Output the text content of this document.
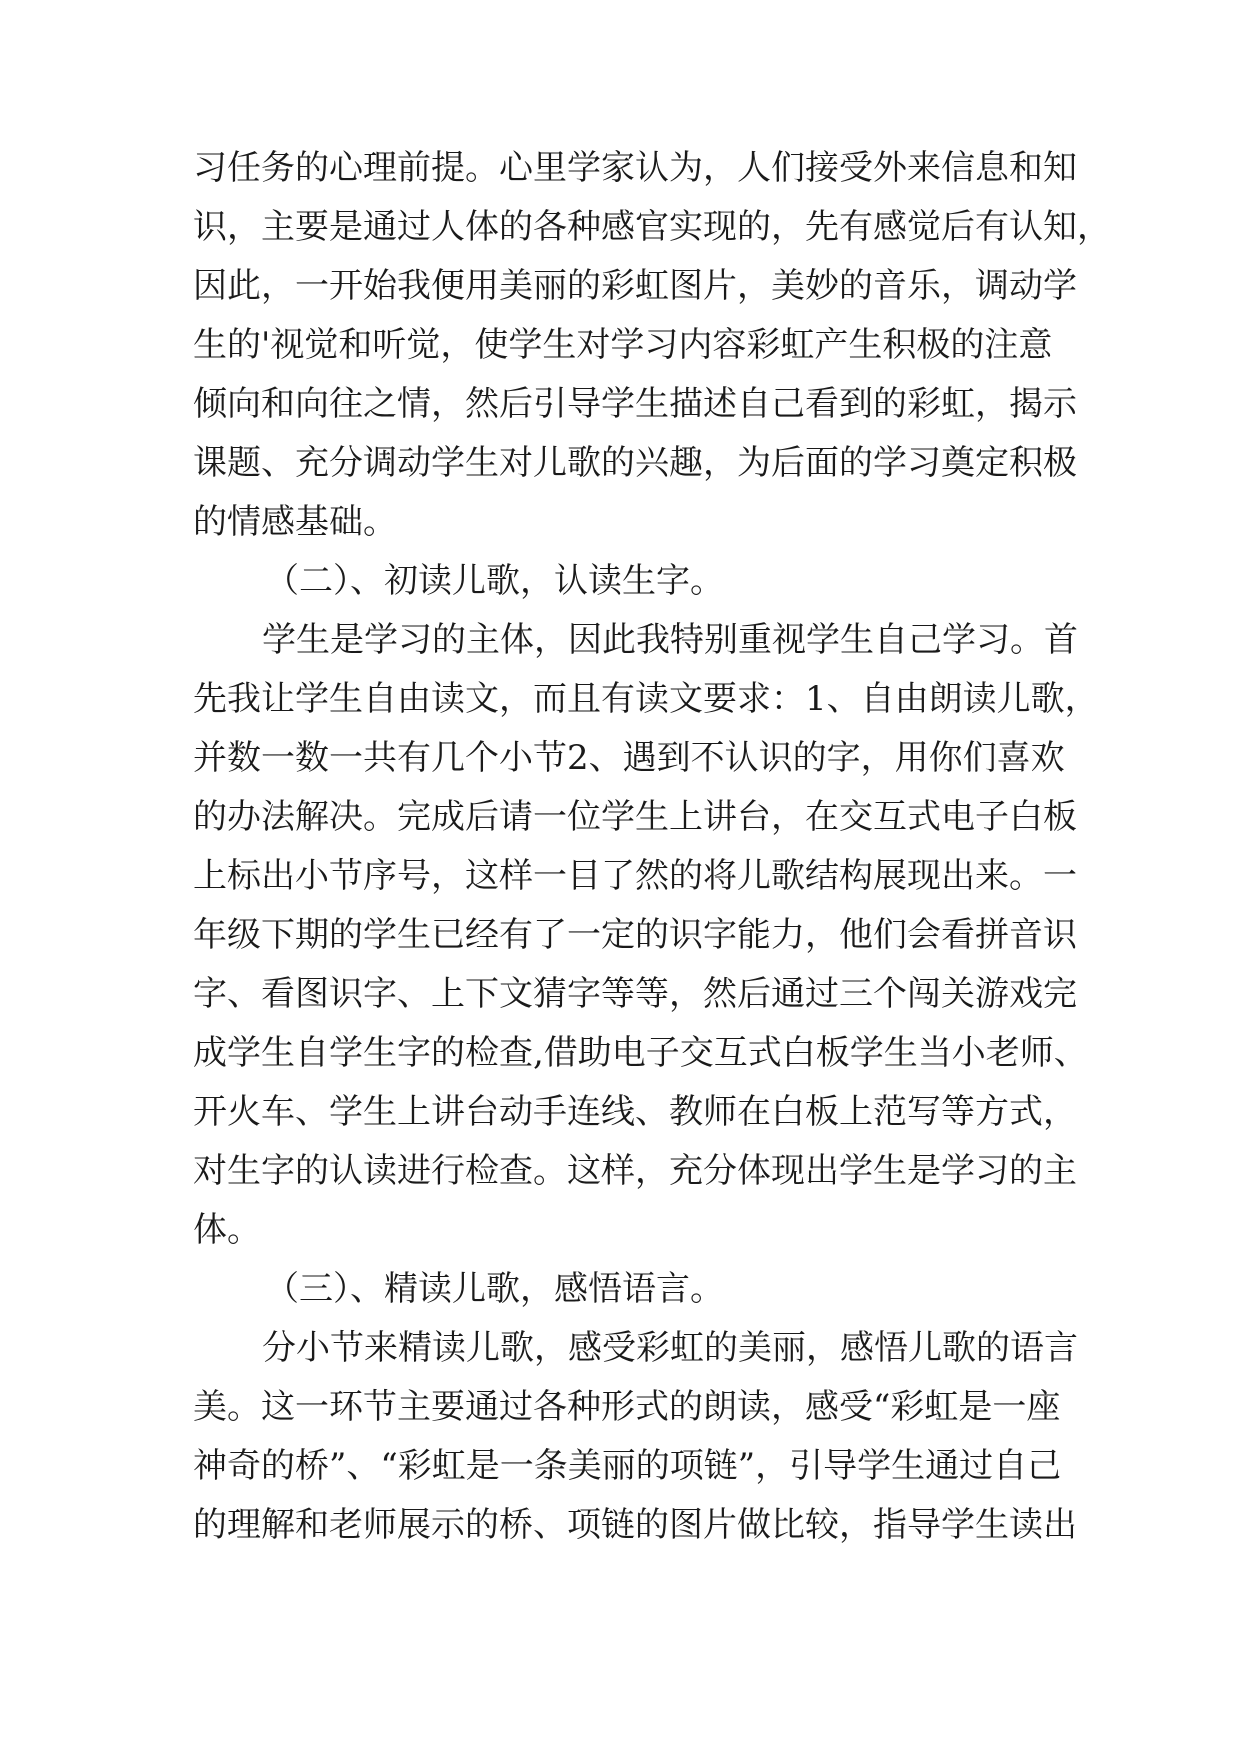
习任务的心理前提。心里学家认为，人们接受外来信息和知
识，主要是通过人体的各种感官实现的，先有感觉后有认知，
因此，一开始我便用美丽的彩虹图片，美妙的音乐，调动学
生的'视觉和听觉，使学生对学习内容彩虹产生积极的注意
倾向和向往之情，然后引导学生描述自己看到的彩虹，揭示
课题、充分调动学生对儿歌的兴趣，为后面的学习奠定积极
的情感基础。
（二）、初读儿歌，认读生字。
学生是学习的主体，因此我特别重视学生自己学习。首
先我让学生自由读文，而且有读文要求：1、自由朗读儿歌，
并数一数一共有几个小节2、遇到不认识的字，用你们喜欢
的办法解决。完成后请一位学生上讲台，在交互式电子白板
上标出小节序号，这样一目了然的将儿歌结构展现出来。一
年级下期的学生已经有了一定的识字能力，他们会看拼音识
字、看图识字、上下文猜字等等，然后通过三个闯关游戏完
成学生自学生字的检查,借助电子交互式白板学生当小老师、
开火车、学生上讲台动手连线、教师在白板上范写等方式，
对生字的认读进行检查。这样，充分体现出学生是学习的主
体。
（三）、精读儿歌，感悟语言。
分小节来精读儿歌，感受彩虹的美丽，感悟儿歌的语言
美。这一环节主要通过各种形式的朗读，感受“彩虹是一座
神奇的桥”、“彩虹是一条美丽的项链”，引导学生通过自己
的理解和老师展示的桥、项链的图片做比较，指导学生读出
